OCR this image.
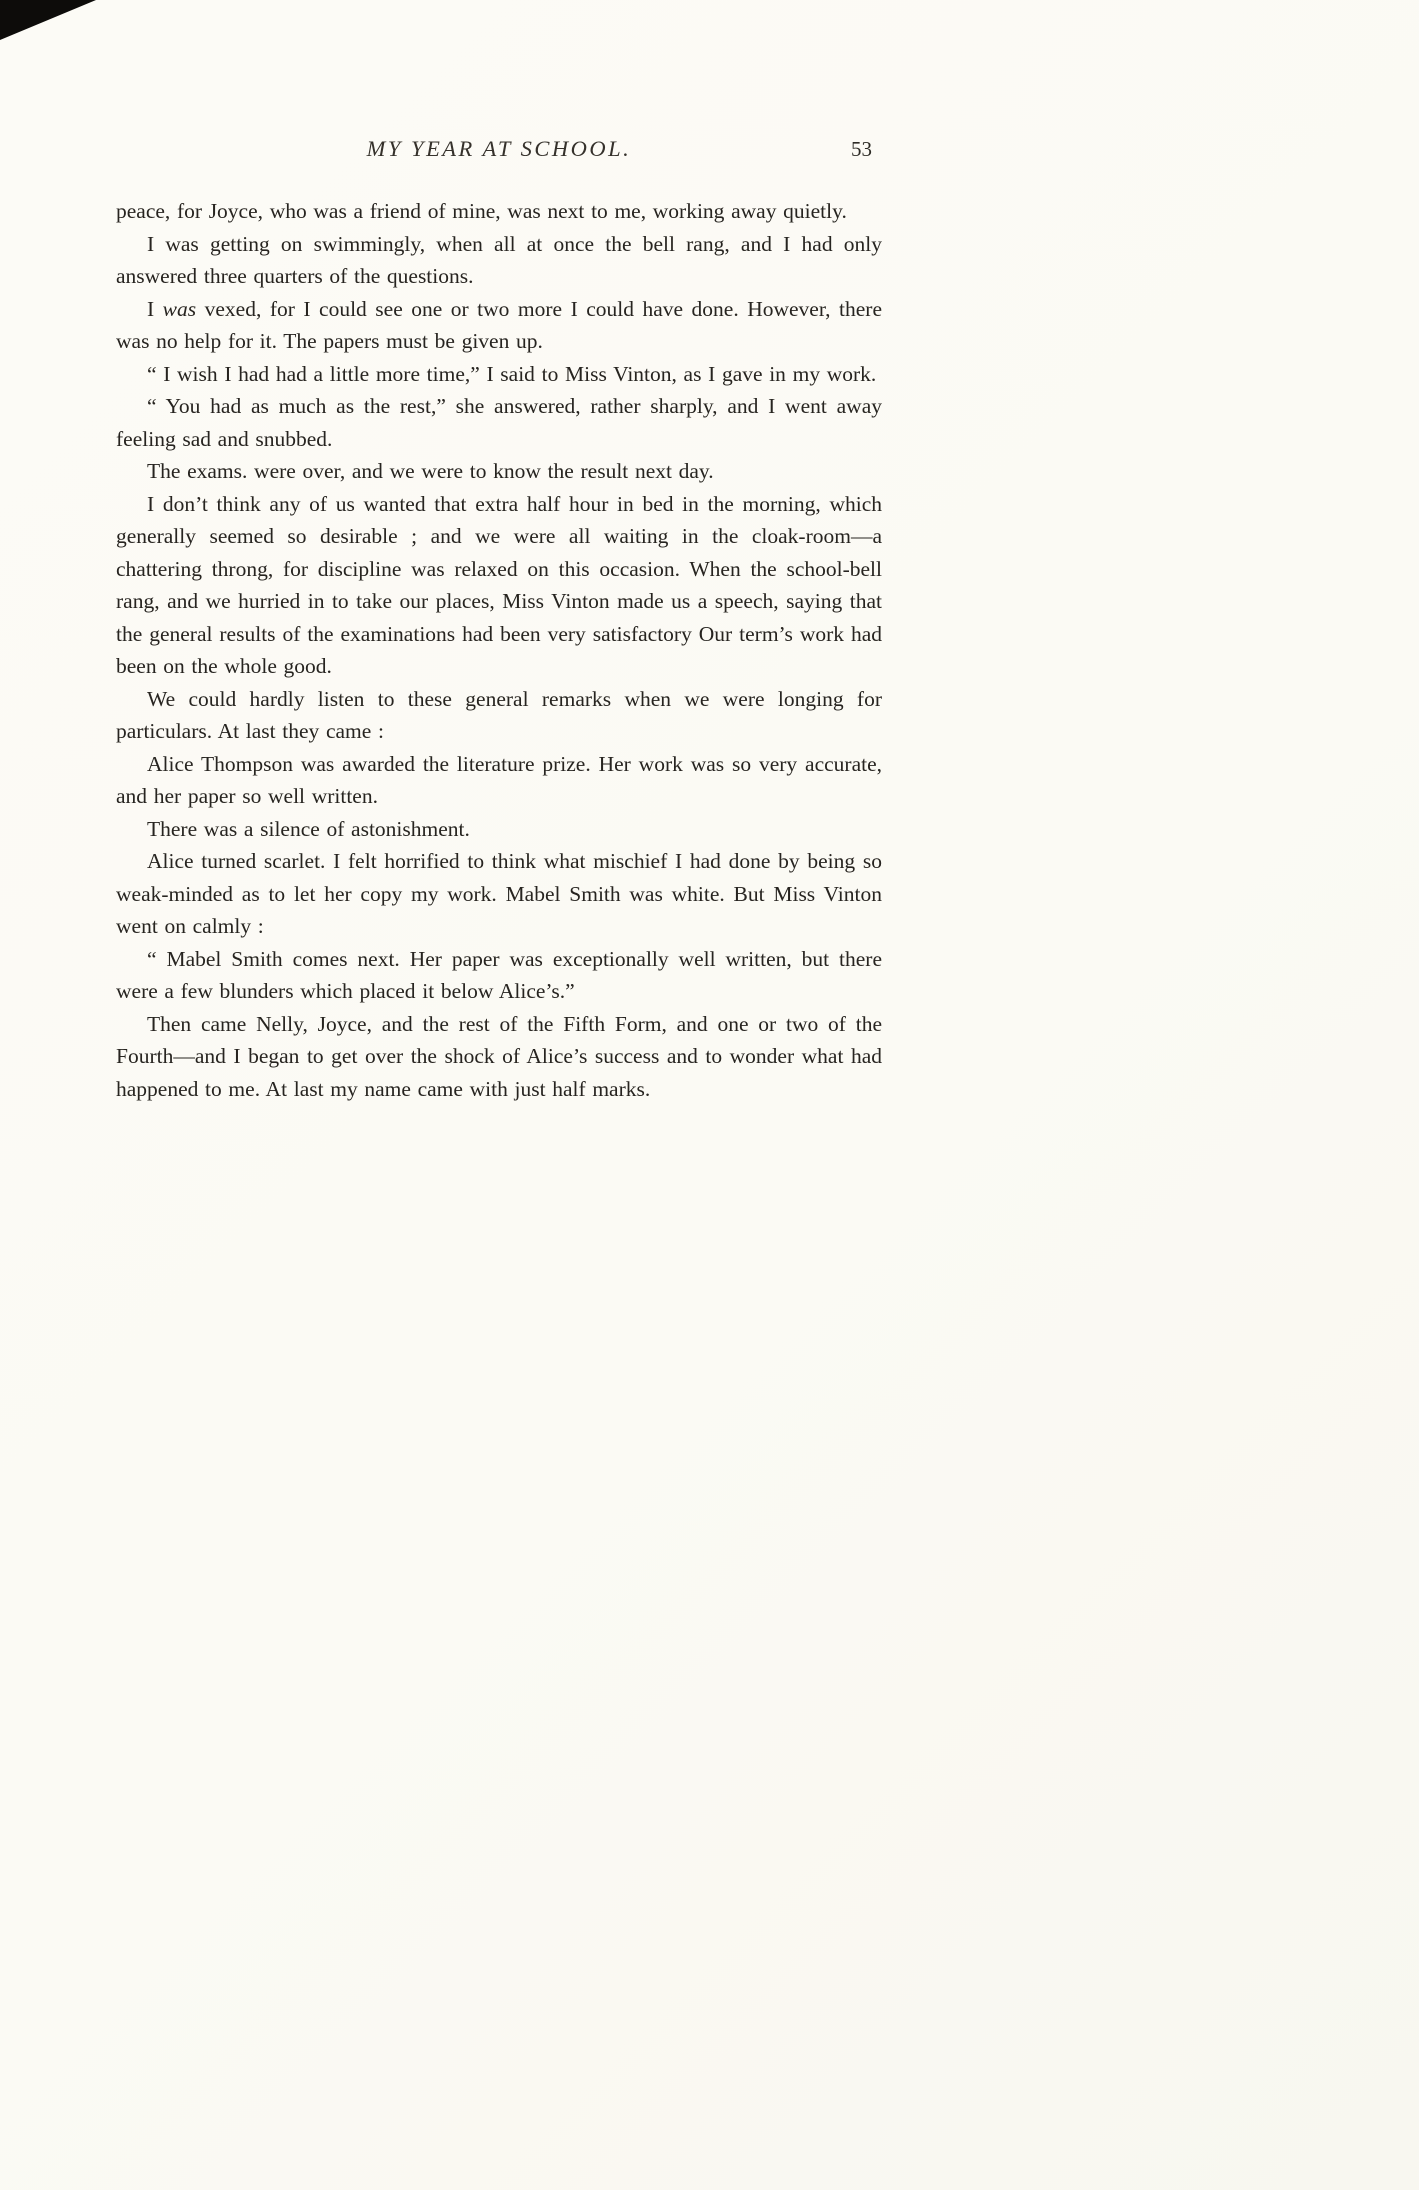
MY YEAR AT SCHOOL.	53

peace, for Joyce, who was a friend of mine, was next to me, working away quietly.

I was getting on swimmingly, when all at once the bell rang, and I had only answered three quarters of the questions.

I was vexed, for I could see one or two more I could have done. However, there was no help for it. The papers must be given up.

“ I wish I had had a little more time,” I said to Miss Vinton, as I gave in my work.

“ You had as much as the rest,” she answered, rather sharply, and I went away feeling sad and snubbed.

The exams. were over, and we were to know the result next day.

I don’t think any of us wanted that extra half hour in bed in the morning, which generally seemed so desirable ; and we were all waiting in the cloak-room—a chattering throng, for discipline was relaxed on this occasion. When the school-bell rang, and we hurried in to take our places, Miss Vinton made us a speech, saying that the general results of the examinations had been very satisfactory Our term’s work had been on the whole good.

We could hardly listen to these general remarks when we were longing for particulars. At last they came :

Alice Thompson was awarded the literature prize. Her work was so very accurate, and her paper so well written.

There was a silence of astonishment.

Alice turned scarlet. I felt horrified to think what mischief I had done by being so weak-minded as to let her copy my work. Mabel Smith was white. But Miss Vinton went on calmly :

“ Mabel Smith comes next. Her paper was exceptionally well written, but there were a few blunders which placed it below Alice’s.”

Then came Nelly, Joyce, and the rest of the Fifth Form, and one or two of the Fourth—and I began to get over the shock of Alice’s success and to wonder what had happened to me. At last my name came with just half marks.
